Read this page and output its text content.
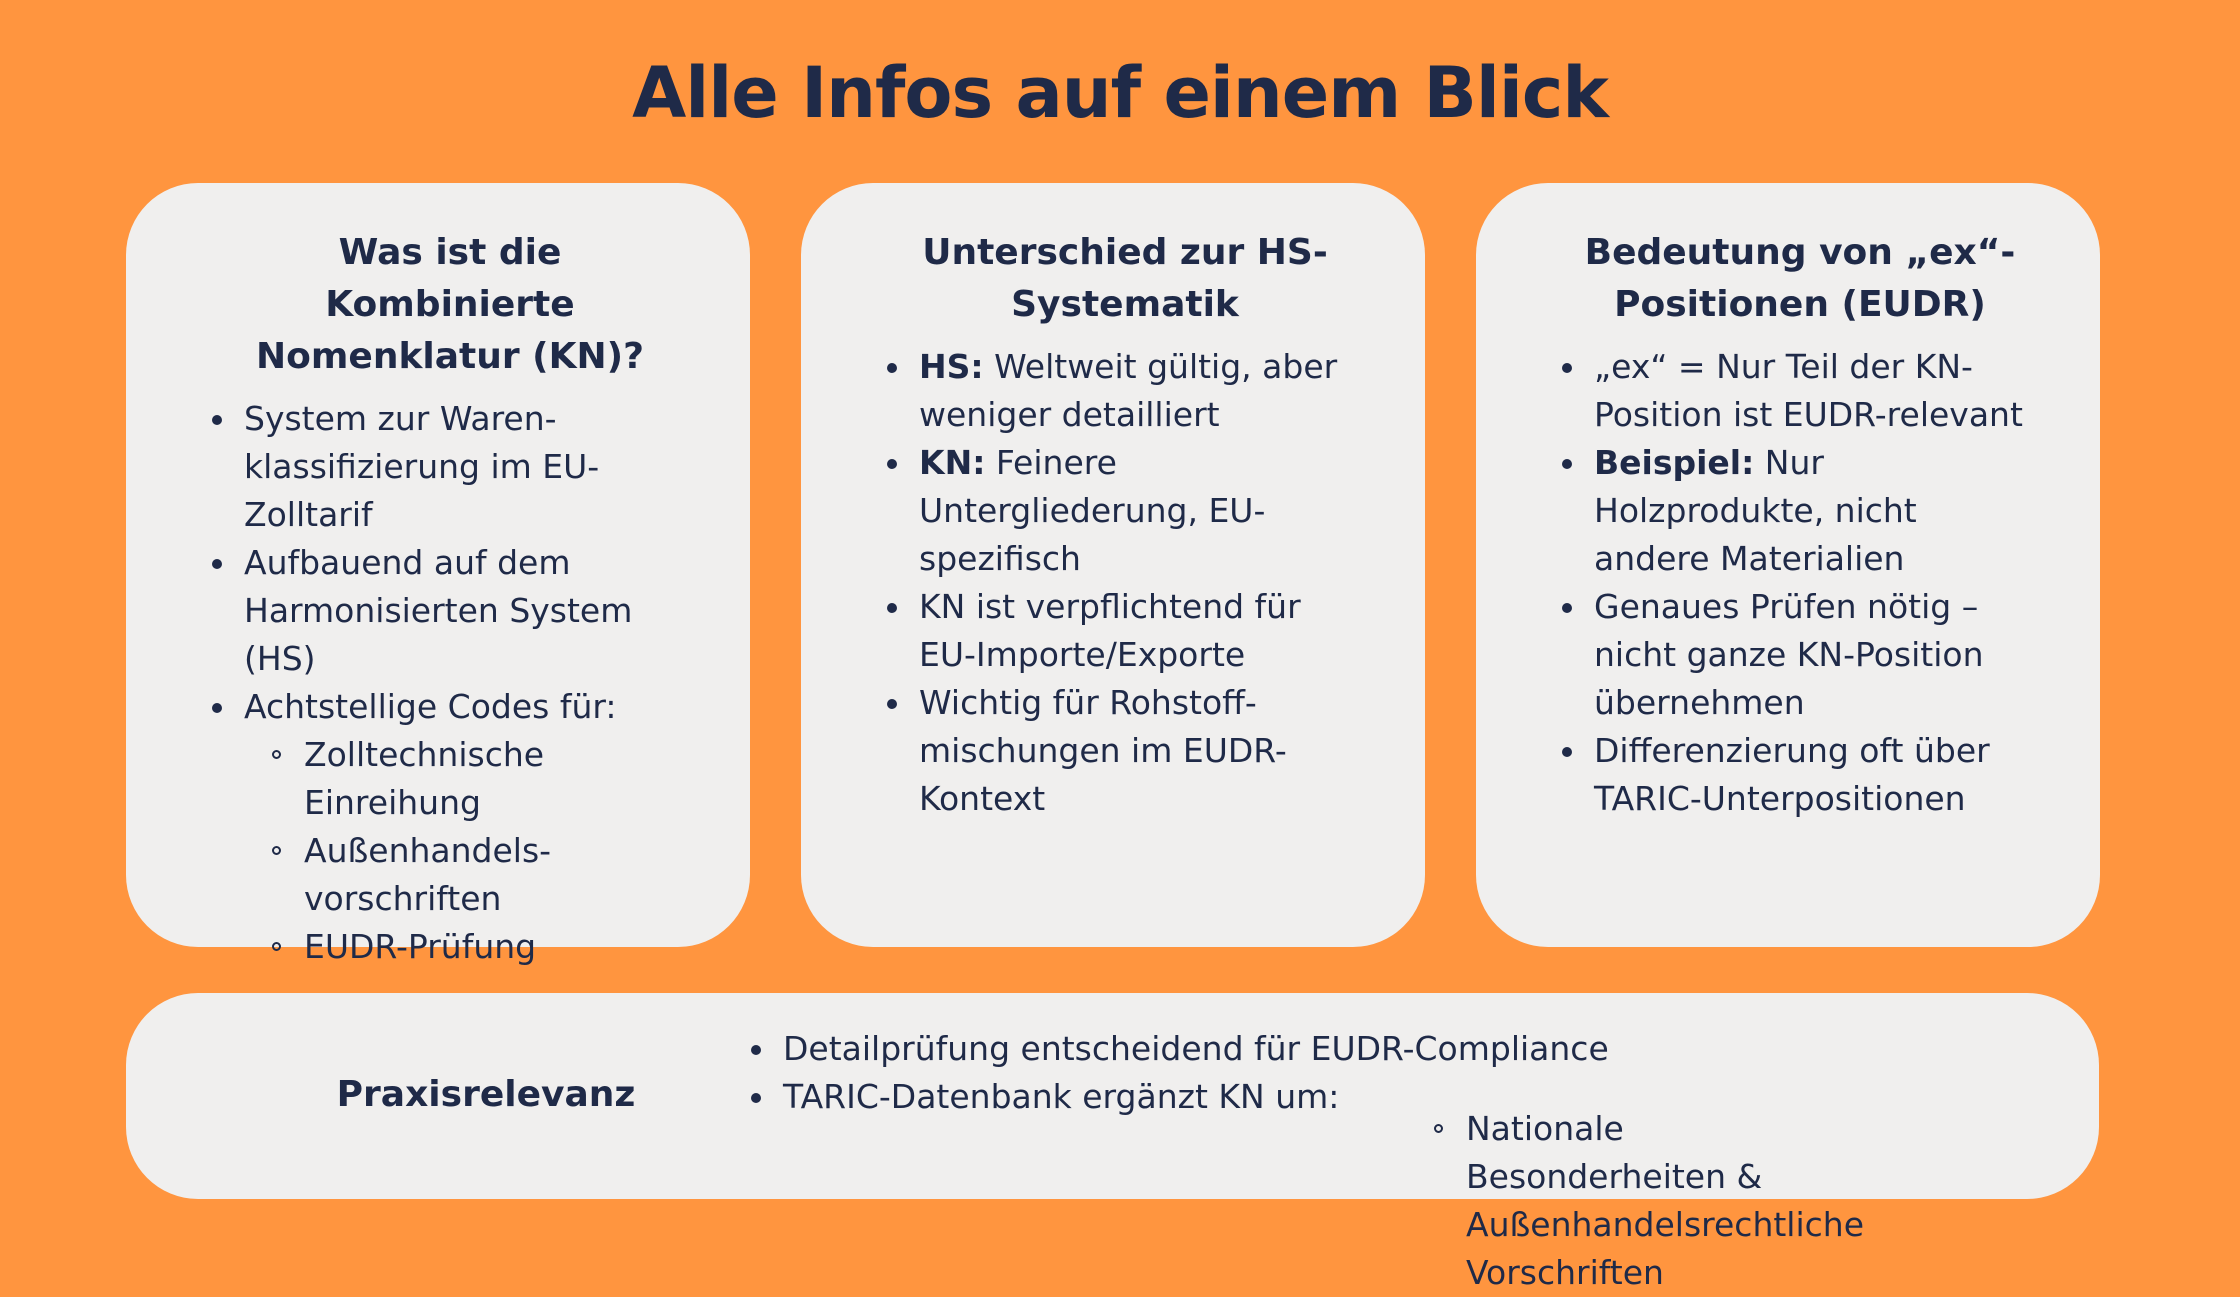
Alle Infos auf einem Blick
Was ist die Kombinierte Nomenklatur (KN)?
System zur Warenklassifizierung im EU-Zolltarif
Aufbauend auf dem Harmonisierten System (HS)
Achtstellige Codes für:
Zolltechnische Einreihung
Außenhandelsvorschriften
EUDR-Prüfung
Unterschied zur HS-Systematik
HS: Weltweit gültig, aber weniger detailliert
KN: Feinere Untergliederung, EU-spezifisch
KN ist verpflichtend für EU-Importe/Exporte
Wichtig für Rohstoffmischungen im EUDR-Kontext
Bedeutung von „ex“-Positionen (EUDR)
„ex“ = Nur Teil der KN-Position ist EUDR-relevant
Beispiel: Nur Holzprodukte, nicht andere Materialien
Genaues Prüfen nötig – nicht ganze KN-Position übernehmen
Differenzierung oft über TARIC-Unterpositionen
Praxisrelevanz
Detailprüfung entscheidend für EUDR-Compliance
TARIC-Datenbank ergänzt KN um:
Nationale Besonderheiten & Außenhandelsrechtliche Vorschriften
